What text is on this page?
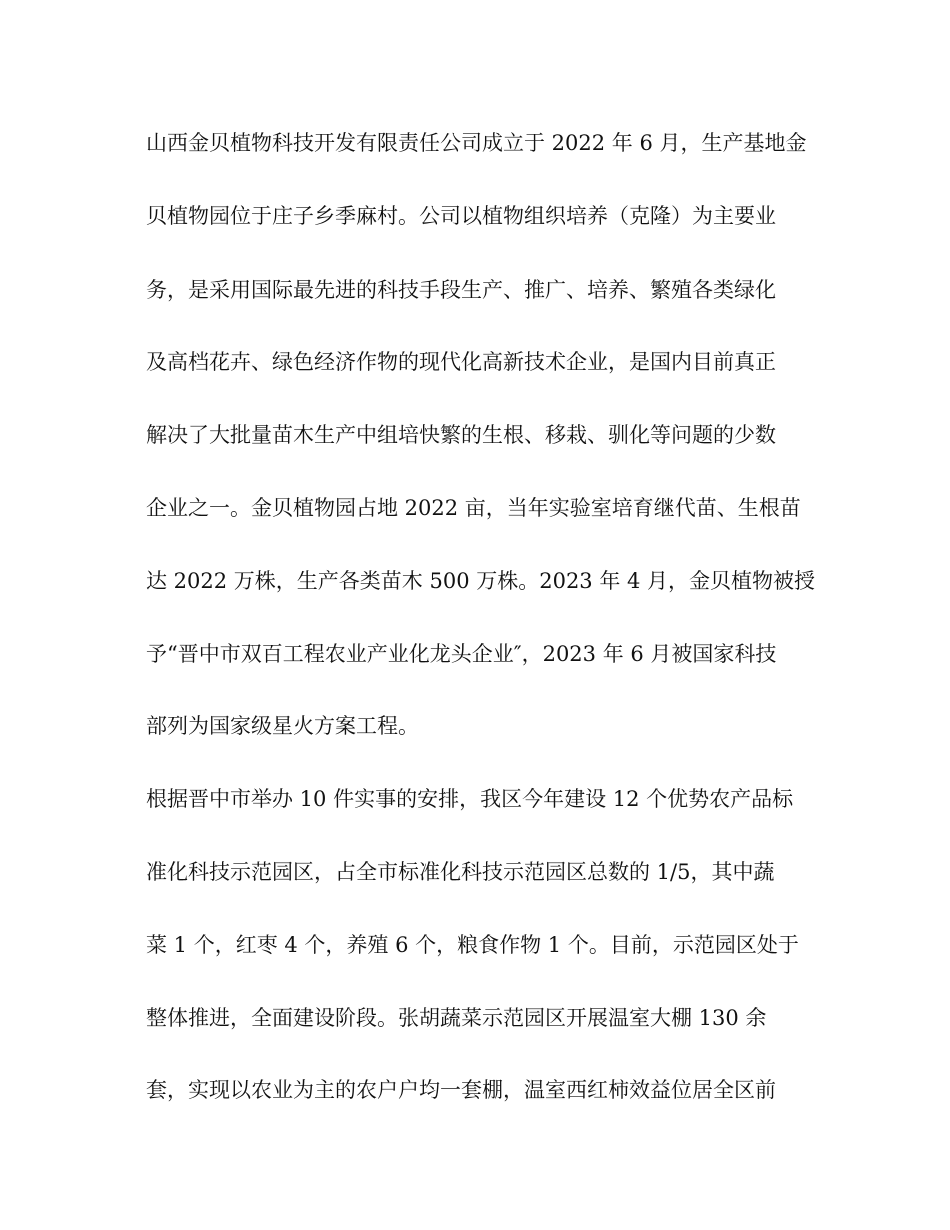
山西金贝植物科技开发有限责任公司成立于 2022 年 6 月，生产基地金
贝植物园位于庄子乡季麻村。公司以植物组织培养（克隆）为主要业
务，是采用国际最先进的科技手段生产、推广、培养、繁殖各类绿化
及高档花卉、绿色经济作物的现代化高新技术企业，是国内目前真正
解决了大批量苗木生产中组培快繁的生根、移栽、驯化等问题的少数
企业之一。金贝植物园占地 2022 亩，当年实验室培育继代苗、生根苗
达 2022 万株，生产各类苗木 500 万株。2023 年 4 月，金贝植物被授
予“晋中市双百工程农业产业化龙头企业″，2023 年 6 月被国家科技
部列为国家级星火方案工程。
根据晋中市举办 10 件实事的安排，我区今年建设 12 个优势农产品标
准化科技示范园区，占全市标准化科技示范园区总数的 1/5，其中蔬
菜 1 个，红枣 4 个，养殖 6 个，粮食作物 1 个。目前，示范园区处于
整体推进，全面建设阶段。张胡蔬菜示范园区开展温室大棚 130 余
套，实现以农业为主的农户户均一套棚，温室西红柿效益位居全区前
